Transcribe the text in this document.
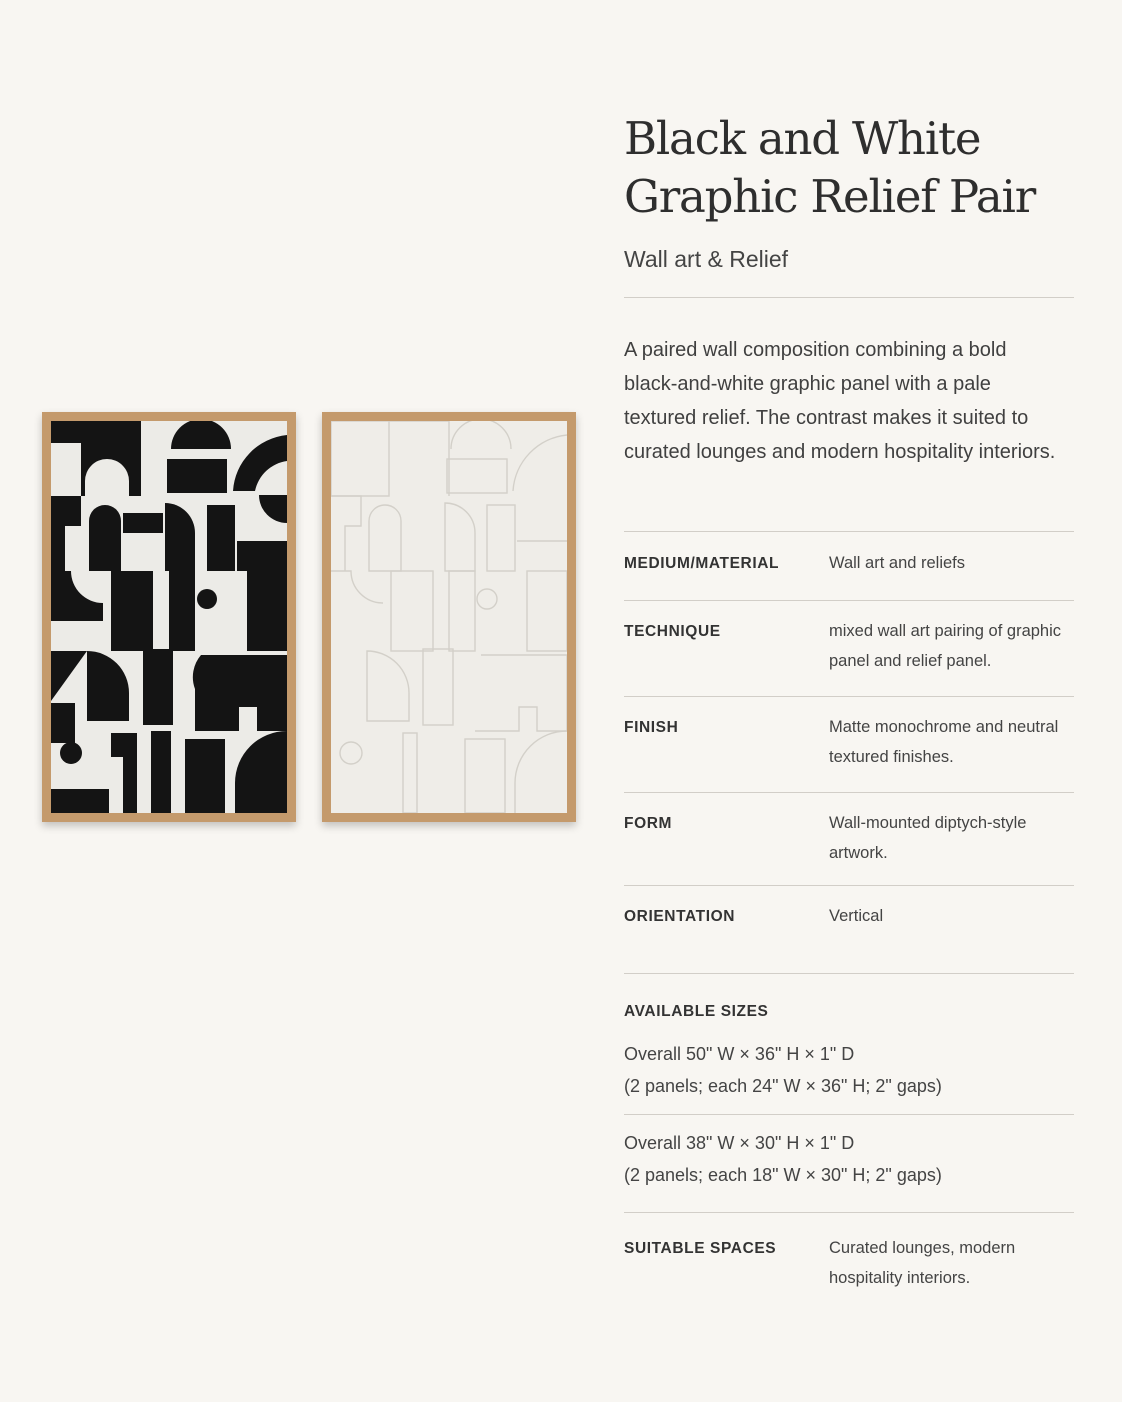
Black and White
Graphic Relief Pair
Wall art & Relief

A paired wall composition combining a bold black-and-white graphic panel with a pale textured relief. The contrast makes it suited to curated lounges and modern hospitality interiors.

MEDIUM/MATERIAL	Wall art and reliefs
TECHNIQUE	mixed wall art pairing of graphic panel and relief panel.
FINISH	Matte monochrome and neutral textured finishes.
FORM	Wall-mounted diptych-style artwork.
ORIENTATION	Vertical
AVAILABLE SIZES
Overall 50" W × 36" H × 1" D
(2 panels; each 24" W × 36" H; 2" gaps)
Overall 38" W × 30" H × 1" D
(2 panels; each 18" W × 30" H; 2" gaps)
SUITABLE SPACES	Curated lounges, modern hospitality interiors.
